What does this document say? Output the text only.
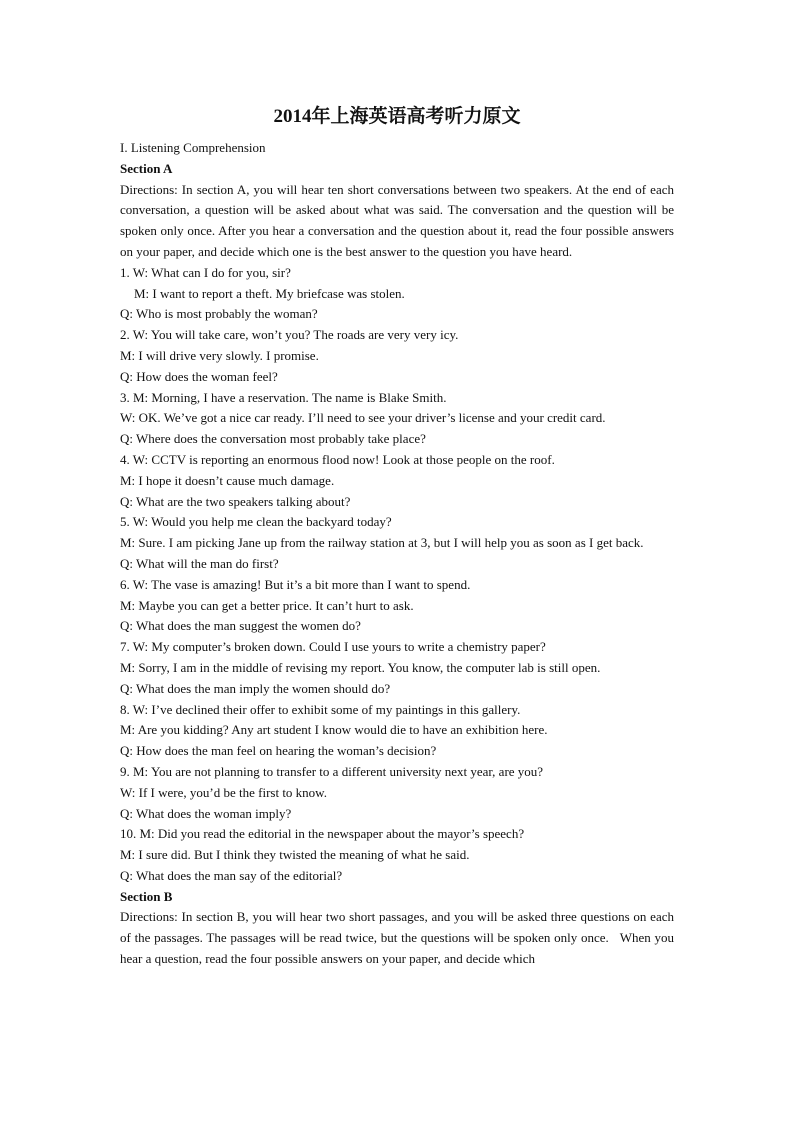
2014年上海英语高考听力原文
I. Listening Comprehension
Section A
Directions: In section A, you will hear ten short conversations between two speakers. At the end of each conversation, a question will be asked about what was said. The conversation and the question will be spoken only once. After you hear a conversation and the question about it, read the four possible answers on your paper, and decide which one is the best answer to the question you have heard.
1. W: What can I do for you, sir?
M: I want to report a theft. My briefcase was stolen.
Q: Who is most probably the woman?
2. W: You will take care, won’t you? The roads are very very icy.
M: I will drive very slowly. I promise.
Q: How does the woman feel?
3. M: Morning, I have a reservation. The name is Blake Smith.
W: OK. We’ve got a nice car ready. I’ll need to see your driver’s license and your credit card.
Q: Where does the conversation most probably take place?
4. W: CCTV is reporting an enormous flood now! Look at those people on the roof.
M: I hope it doesn’t cause much damage.
Q: What are the two speakers talking about?
5. W: Would you help me clean the backyard today?
M: Sure. I am picking Jane up from the railway station at 3, but I will help you as soon as I get back.
Q: What will the man do first?
6. W: The vase is amazing! But it’s a bit more than I want to spend.
M: Maybe you can get a better price. It can’t hurt to ask.
Q: What does the man suggest the women do?
7. W: My computer’s broken down. Could I use yours to write a chemistry paper?
M: Sorry, I am in the middle of revising my report. You know, the computer lab is still open.
Q: What does the man imply the women should do?
8. W: I’ve declined their offer to exhibit some of my paintings in this gallery.
M: Are you kidding? Any art student I know would die to have an exhibition here.
Q: How does the man feel on hearing the woman’s decision?
9. M: You are not planning to transfer to a different university next year, are you?
W: If I were, you’d be the first to know.
Q: What does the woman imply?
10. M: Did you read the editorial in the newspaper about the mayor’s speech?
M: I sure did. But I think they twisted the meaning of what he said.
Q: What does the man say of the editorial?
Section B
Directions: In section B, you will hear two short passages, and you will be asked three questions on each of the passages. The passages will be read twice, but the questions will be spoken only once.   When you hear a question, read the four possible answers on your paper, and decide which
